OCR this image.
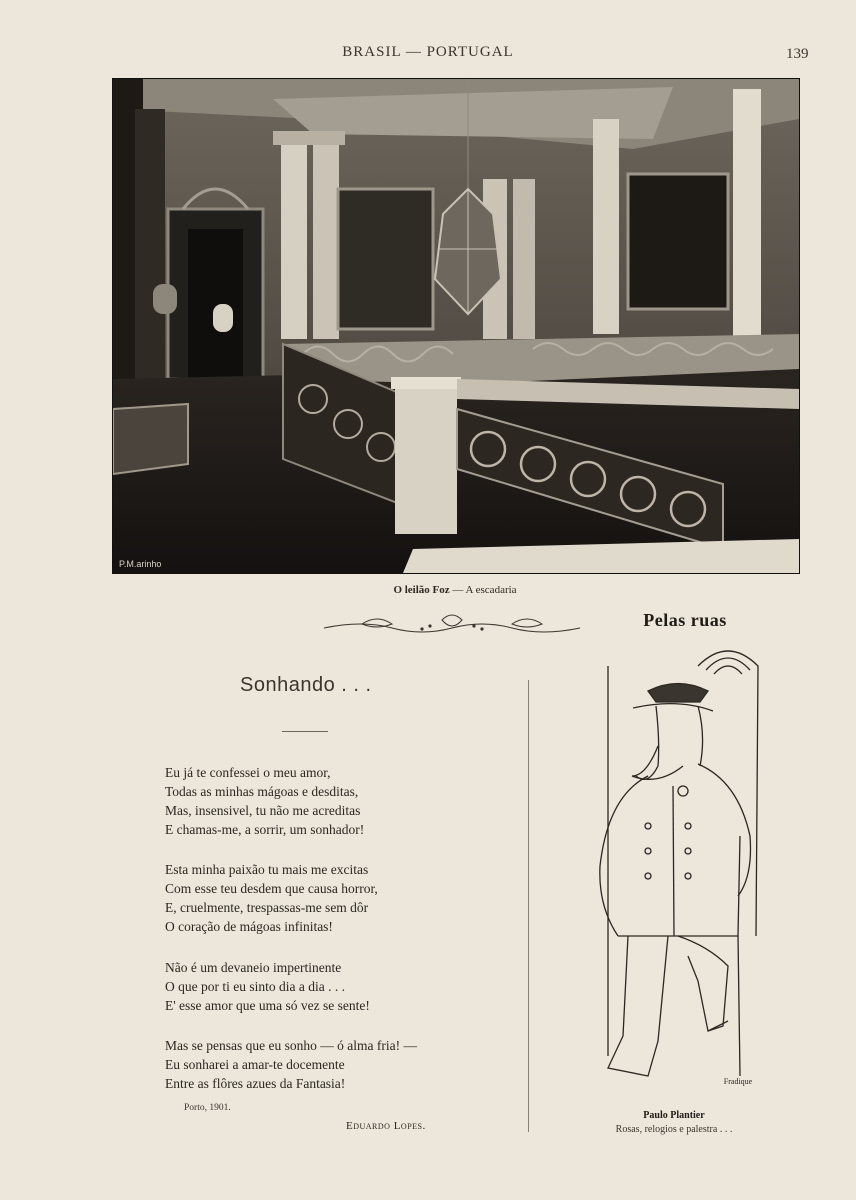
BRASIL — PORTUGAL	139
P.M.arinho
O leilão Foz — A escadaria
Pelas ruas
Sonhando . . .
Eu já te confessei o meu amor,
Todas as minhas mágoas e desditas,
Mas, insensivel, tu não me acreditas
E chamas-me, a sorrir, um sonhador!
Esta minha paixão tu mais me excitas
Com esse teu desdem que causa horror,
E, cruelmente, trespassas-me sem dôr
O coração de mágoas infinitas!
Não é um devaneio impertinente
O que por ti eu sinto dia a dia . . .
E' esse amor que uma só vez se sente!
Mas se pensas que eu sonho — ó alma fria! —
Eu sonharei a amar-te docemente
Entre as flôres azues da Fantasia!
Porto, 1901.
Eduardo Lopes.
Fradique
Paulo Plantier
Rosas, relogios e palestra . . .
